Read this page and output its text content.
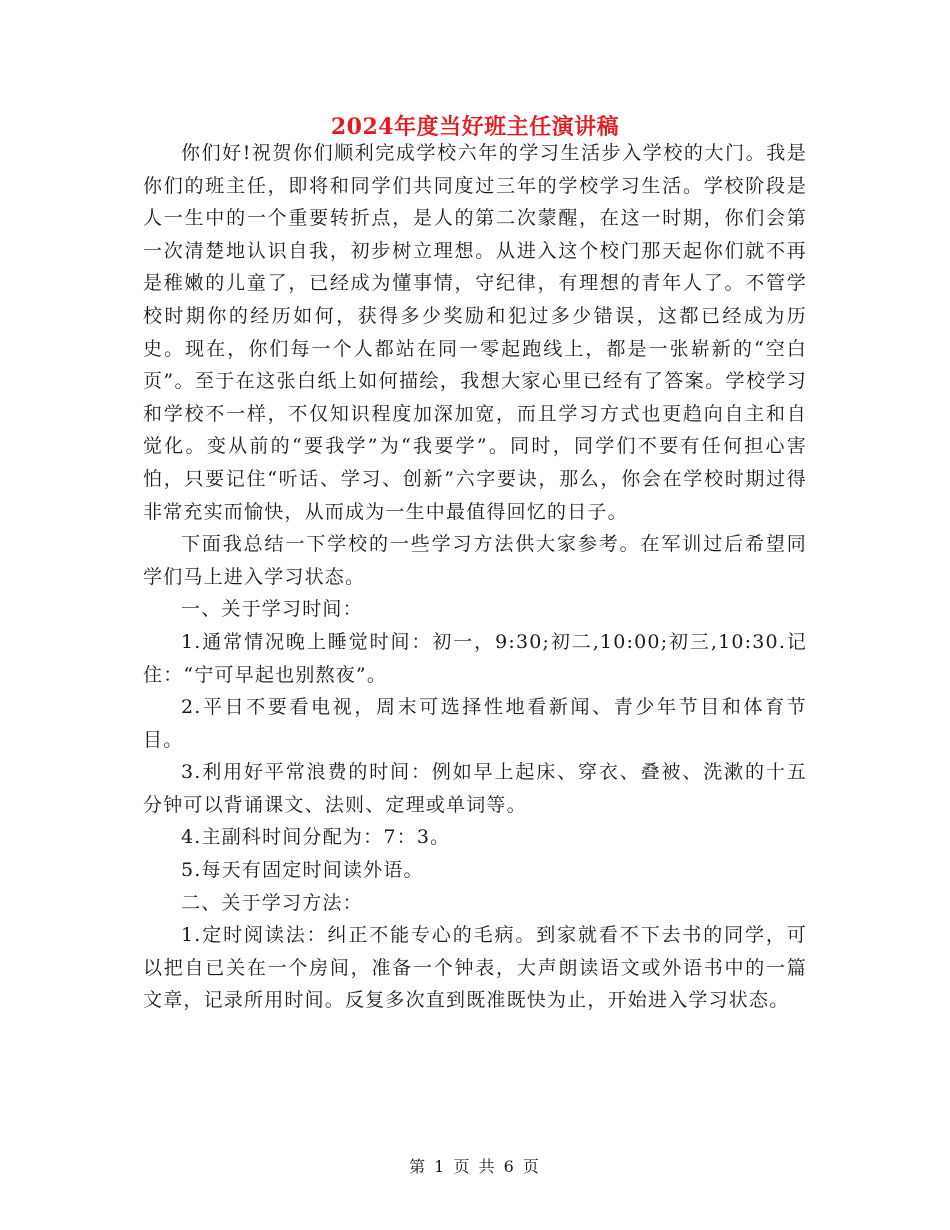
2024年度当好班主任演讲稿

你们好!祝贺你们顺利完成学校六年的学习生活步入学校的大门。我是你们的班主任，即将和同学们共同度过三年的学校学习生活。学校阶段是人一生中的一个重要转折点，是人的第二次蒙醒，在这一时期，你们会第一次清楚地认识自我，初步树立理想。从进入这个校门那天起你们就不再是稚嫩的儿童了，已经成为懂事情，守纪律，有理想的青年人了。不管学校时期你的经历如何，获得多少奖励和犯过多少错误，这都已经成为历史。现在，你们每一个人都站在同一零起跑线上，都是一张崭新的“空白页”。至于在这张白纸上如何描绘，我想大家心里已经有了答案。学校学习和学校不一样，不仅知识程度加深加宽，而且学习方式也更趋向自主和自觉化。变从前的“要我学”为“我要学”。同时，同学们不要有任何担心害怕，只要记住“听话、学习、创新”六字要诀，那么，你会在学校时期过得非常充实而愉快，从而成为一生中最值得回忆的日子。

下面我总结一下学校的一些学习方法供大家参考。在军训过后希望同学们马上进入学习状态。

一、关于学习时间：

1.通常情况晚上睡觉时间：初一，9:30;初二,10:00;初三,10:30.记住：“宁可早起也别熬夜”。

2.平日不要看电视，周末可选择性地看新闻、青少年节目和体育节目。

3.利用好平常浪费的时间：例如早上起床、穿衣、叠被、洗漱的十五分钟可以背诵课文、法则、定理或单词等。

4.主副科时间分配为：7：3。

5.每天有固定时间读外语。

二、关于学习方法：

1.定时阅读法：纠正不能专心的毛病。到家就看不下去书的同学，可以把自已关在一个房间，准备一个钟表，大声朗读语文或外语书中的一篇文章，记录所用时间。反复多次直到既准既快为止，开始进入学习状态。

第 1 页 共 6 页
